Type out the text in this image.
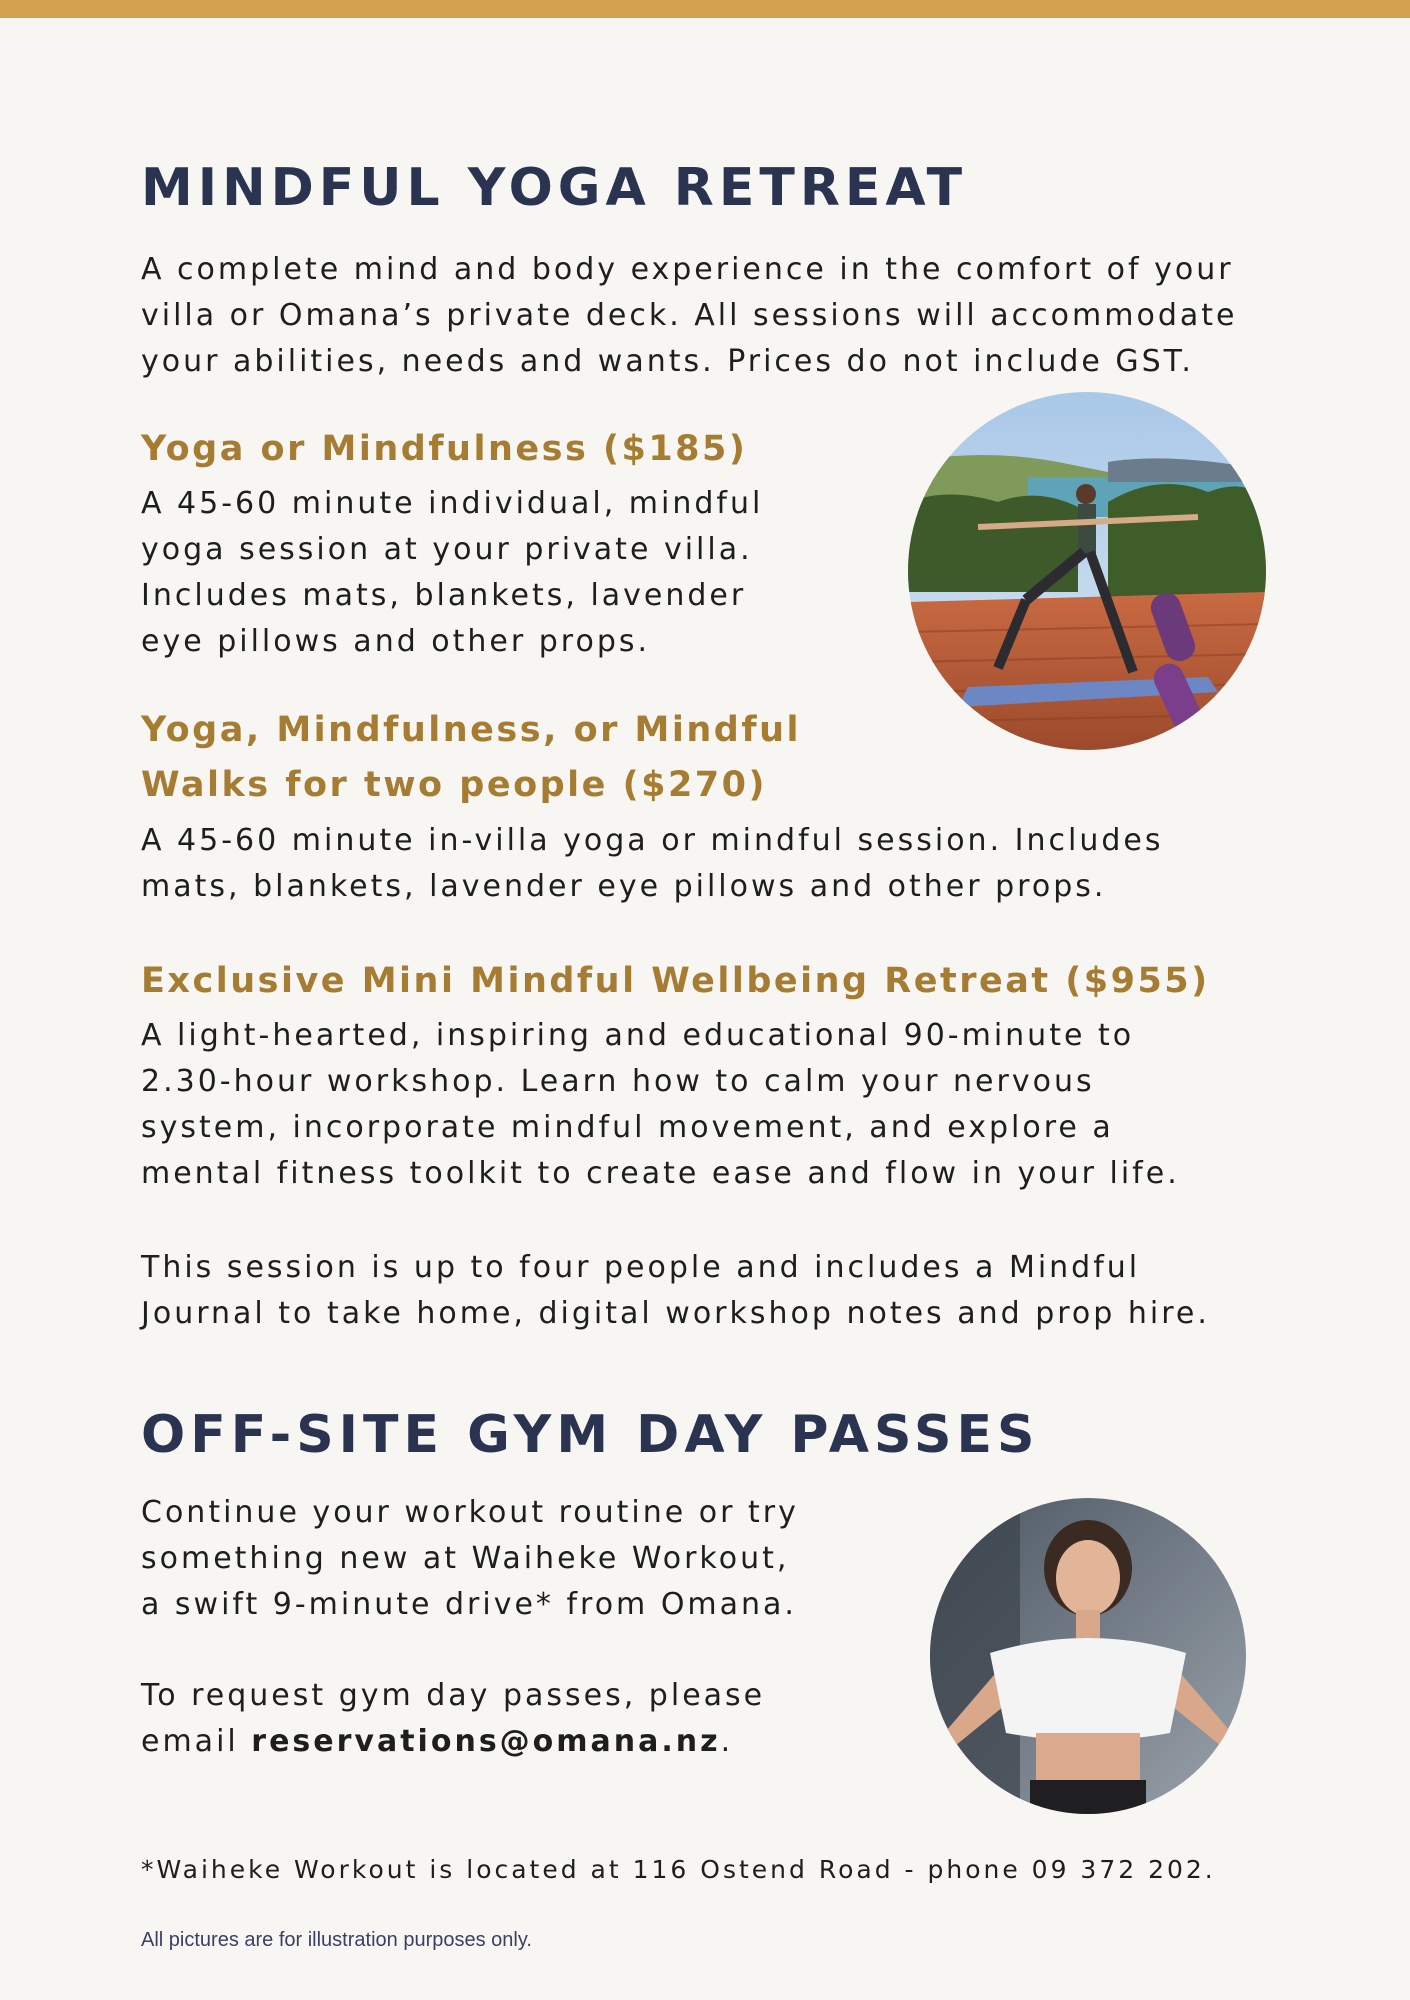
MINDFUL YOGA RETREAT

A complete mind and body experience in the comfort of your
villa or Omana’s private deck. All sessions will accommodate
your abilities, needs and wants. Prices do not include GST.

Yoga or Mindfulness ($185)

A 45-60 minute individual, mindful
yoga session at your private villa.
Includes mats, blankets, lavender
eye pillows and other props.

Yoga, Mindfulness, or Mindful
Walks for two people ($270)

A 45-60 minute in-villa yoga or mindful session. Includes
mats, blankets, lavender eye pillows and other props.

Exclusive Mini Mindful Wellbeing Retreat ($955)

A light-hearted, inspiring and educational 90-minute to
2.30-hour workshop. Learn how to calm your nervous
system, incorporate mindful movement, and explore a
mental fitness toolkit to create ease and flow in your life.

This session is up to four people and includes a Mindful
Journal to take home, digital workshop notes and prop hire.

OFF-SITE GYM DAY PASSES

Continue your workout routine or try
something new at Waiheke Workout,
a swift 9-minute drive* from Omana.

To request gym day passes, please
email reservations@omana.nz.

*Waiheke Workout is located at 116 Ostend Road - phone 09 372 202.

All pictures are for illustration purposes only.
